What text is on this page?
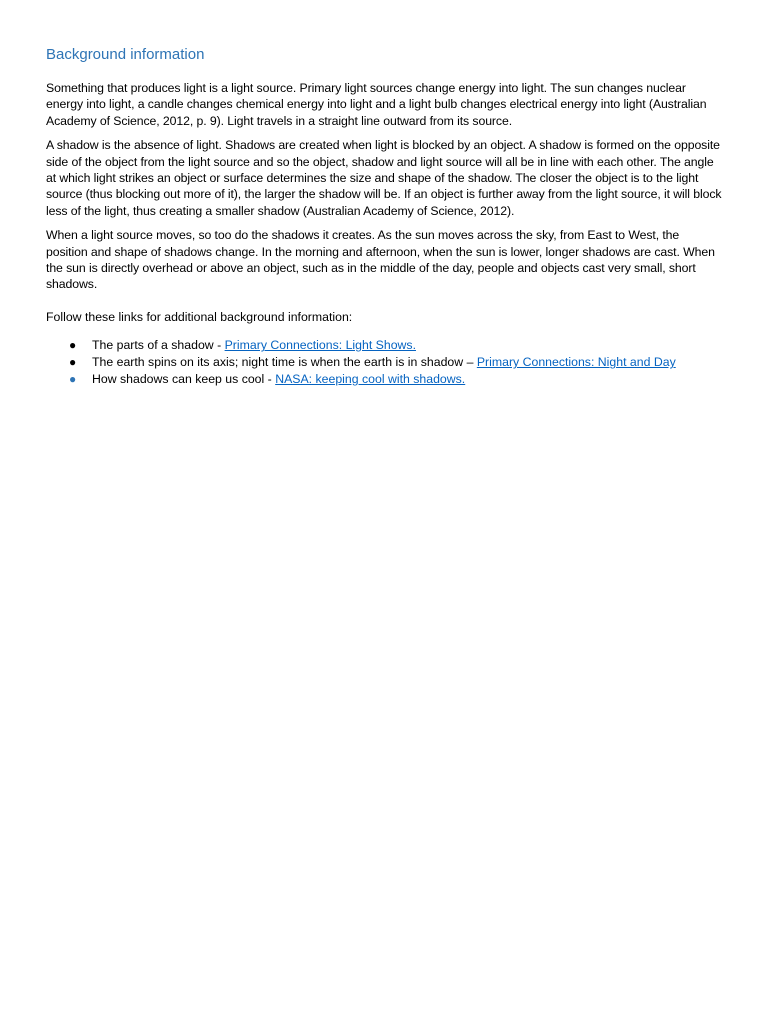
Background information

Something that produces light is a light source. Primary light sources change energy into light. The sun changes nuclear energy into light, a candle changes chemical energy into light and a light bulb changes electrical energy into light (Australian Academy of Science, 2012, p. 9). Light travels in a straight line outward from its source.

A shadow is the absence of light. Shadows are created when light is blocked by an object. A shadow is formed on the opposite side of the object from the light source and so the object, shadow and light source will all be in line with each other. The angle at which light strikes an object or surface determines the size and shape of the shadow. The closer the object is to the light source (thus blocking out more of it), the larger the shadow will be. If an object is further away from the light source, it will block less of the light, thus creating a smaller shadow (Australian Academy of Science, 2012).

When a light source moves, so too do the shadows it creates. As the sun moves across the sky, from East to West, the position and shape of shadows change. In the morning and afternoon, when the sun is lower, longer shadows are cast. When the sun is directly overhead or above an object, such as in the middle of the day, people and objects cast very small, short shadows.

Follow these links for additional background information:

● The parts of a shadow - Primary Connections: Light Shows.
● The earth spins on its axis; night time is when the earth is in shadow – Primary Connections: Night and Day
● How shadows can keep us cool - NASA: keeping cool with shadows.
